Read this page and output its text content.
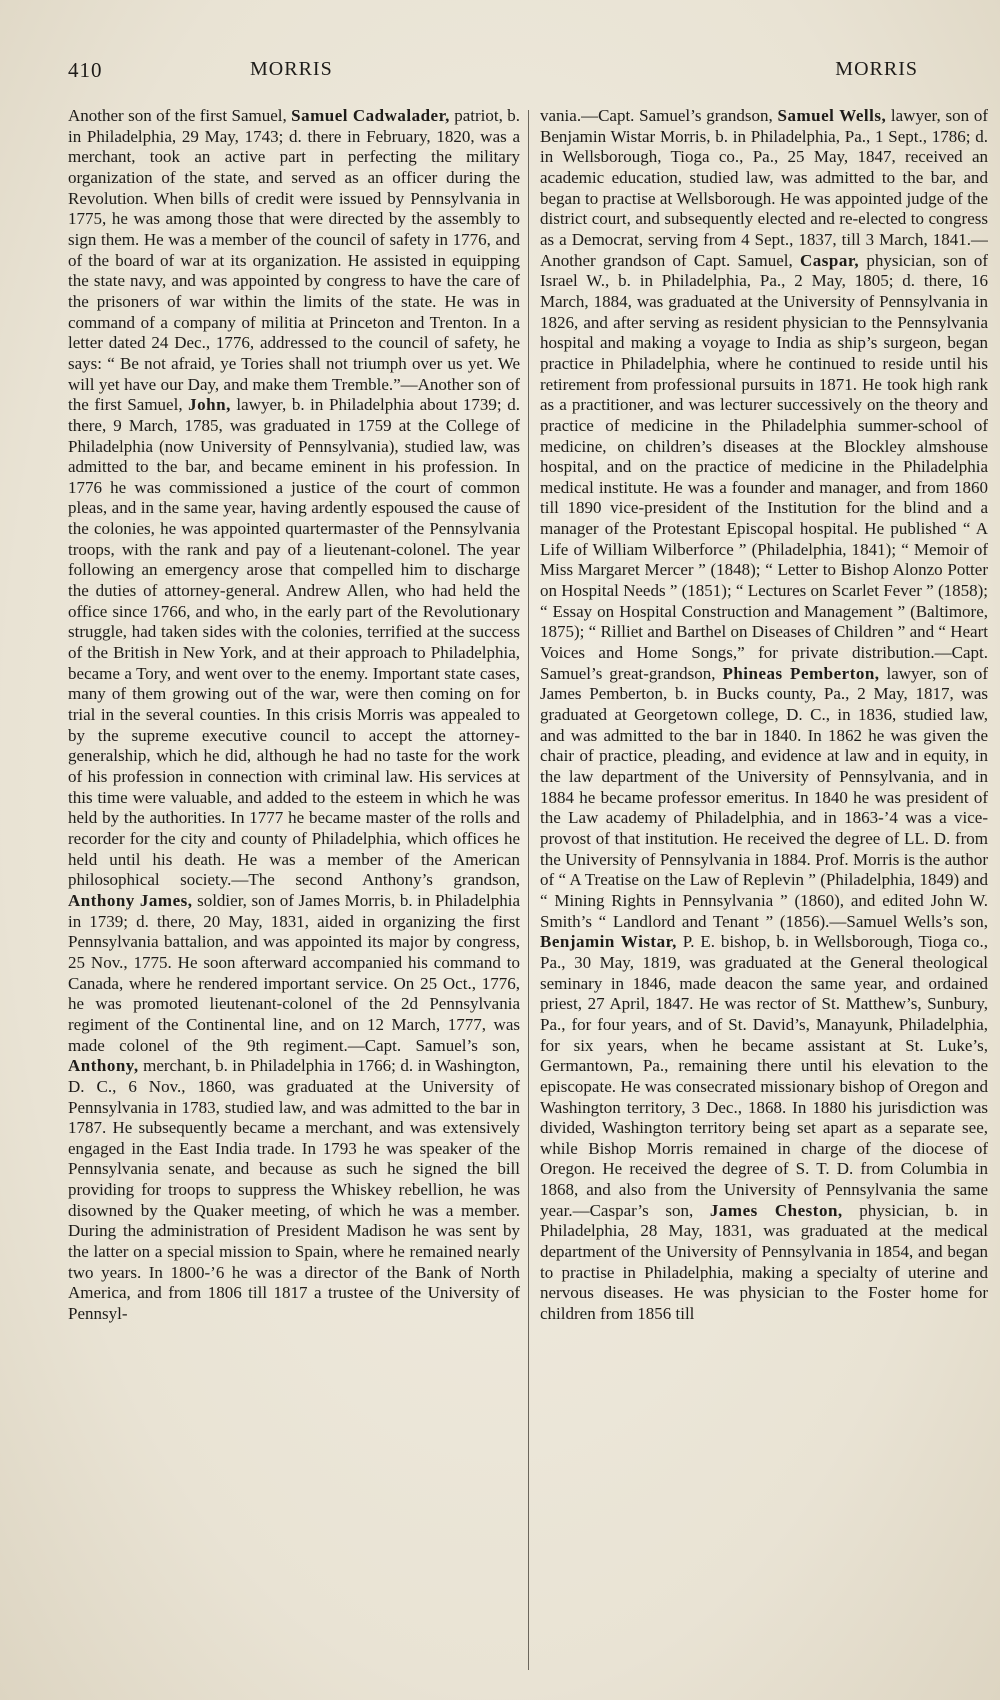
410	MORRIS	MORRIS

Another son of the first Samuel, Samuel Cadwalader, patriot, b. in Philadelphia, 29 May, 1743; d. there in February, 1820, was a merchant, took an active part in perfecting the military organization of the state, and served as an officer during the Revolution. When bills of credit were issued by Pennsylvania in 1775, he was among those that were directed by the assembly to sign them. He was a member of the council of safety in 1776, and of the board of war at its organization. He assisted in equipping the state navy, and was appointed by congress to have the care of the prisoners of war within the limits of the state. He was in command of a company of militia at Princeton and Trenton. In a letter dated 24 Dec., 1776, addressed to the council of safety, he says: “ Be not afraid, ye Tories shall not triumph over us yet. We will yet have our Day, and make them Tremble.”—Another son of the first Samuel, John, lawyer, b. in Philadelphia about 1739; d. there, 9 March, 1785, was graduated in 1759 at the College of Philadelphia (now University of Pennsylvania), studied law, was admitted to the bar, and became eminent in his profession. In 1776 he was commissioned a justice of the court of common pleas, and in the same year, having ardently espoused the cause of the colonies, he was appointed quartermaster of the Pennsylvania troops, with the rank and pay of a lieutenant-colonel. The year following an emergency arose that compelled him to discharge the duties of attorney-general. Andrew Allen, who had held the office since 1766, and who, in the early part of the Revolutionary struggle, had taken sides with the colonies, terrified at the success of the British in New York, and at their approach to Philadelphia, became a Tory, and went over to the enemy. Important state cases, many of them growing out of the war, were then coming on for trial in the several counties. In this crisis Morris was appealed to by the supreme executive council to accept the attorney-generalship, which he did, although he had no taste for the work of his profession in connection with criminal law. His services at this time were valuable, and added to the esteem in which he was held by the authorities. In 1777 he became master of the rolls and recorder for the city and county of Philadelphia, which offices he held until his death. He was a member of the American philosophical society.—The second Anthony’s grandson, Anthony James, soldier, son of James Morris, b. in Philadelphia in 1739; d. there, 20 May, 1831, aided in organizing the first Pennsylvania battalion, and was appointed its major by congress, 25 Nov., 1775. He soon afterward accompanied his command to Canada, where he rendered important service. On 25 Oct., 1776, he was promoted lieutenant-colonel of the 2d Pennsylvania regiment of the Continental line, and on 12 March, 1777, was made colonel of the 9th regiment.—Capt. Samuel’s son, Anthony, merchant, b. in Philadelphia in 1766; d. in Washington, D. C., 6 Nov., 1860, was graduated at the University of Pennsylvania in 1783, studied law, and was admitted to the bar in 1787. He subsequently became a merchant, and was extensively engaged in the East India trade. In 1793 he was speaker of the Pennsylvania senate, and because as such he signed the bill providing for troops to suppress the Whiskey rebellion, he was disowned by the Quaker meeting, of which he was a member. During the administration of President Madison he was sent by the latter on a special mission to Spain, where he remained nearly two years. In 1800-’6 he was a director of the Bank of North America, and from 1806 till 1817 a trustee of the University of Pennsyl-

vania.—Capt. Samuel’s grandson, Samuel Wells, lawyer, son of Benjamin Wistar Morris, b. in Philadelphia, Pa., 1 Sept., 1786; d. in Wellsborough, Tioga co., Pa., 25 May, 1847, received an academic education, studied law, was admitted to the bar, and began to practise at Wellsborough. He was appointed judge of the district court, and subsequently elected and re-elected to congress as a Democrat, serving from 4 Sept., 1837, till 3 March, 1841.—Another grandson of Capt. Samuel, Caspar, physician, son of Israel W., b. in Philadelphia, Pa., 2 May, 1805; d. there, 16 March, 1884, was graduated at the University of Pennsylvania in 1826, and after serving as resident physician to the Pennsylvania hospital and making a voyage to India as ship’s surgeon, began practice in Philadelphia, where he continued to reside until his retirement from professional pursuits in 1871. He took high rank as a practitioner, and was lecturer successively on the theory and practice of medicine in the Philadelphia summer-school of medicine, on children’s diseases at the Blockley almshouse hospital, and on the practice of medicine in the Philadelphia medical institute. He was a founder and manager, and from 1860 till 1890 vice-president of the Institution for the blind and a manager of the Protestant Episcopal hospital. He published “ A Life of William Wilberforce ” (Philadelphia, 1841); “ Memoir of Miss Margaret Mercer ” (1848); “ Letter to Bishop Alonzo Potter on Hospital Needs ” (1851); “ Lectures on Scarlet Fever ” (1858); “ Essay on Hospital Construction and Management ” (Baltimore, 1875); “ Rilliet and Barthel on Diseases of Children ” and “ Heart Voices and Home Songs,” for private distribution.—Capt. Samuel’s great-grandson, Phineas Pemberton, lawyer, son of James Pemberton, b. in Bucks county, Pa., 2 May, 1817, was graduated at Georgetown college, D. C., in 1836, studied law, and was admitted to the bar in 1840. In 1862 he was given the chair of practice, pleading, and evidence at law and in equity, in the law department of the University of Pennsylvania, and in 1884 he became professor emeritus. In 1840 he was president of the Law academy of Philadelphia, and in 1863-’4 was a vice-provost of that institution. He received the degree of LL. D. from the University of Pennsylvania in 1884. Prof. Morris is the author of “ A Treatise on the Law of Replevin ” (Philadelphia, 1849) and “ Mining Rights in Pennsylvania ” (1860), and edited John W. Smith’s “ Landlord and Tenant ” (1856).—Samuel Wells’s son, Benjamin Wistar, P. E. bishop, b. in Wellsborough, Tioga co., Pa., 30 May, 1819, was graduated at the General theological seminary in 1846, made deacon the same year, and ordained priest, 27 April, 1847. He was rector of St. Matthew’s, Sunbury, Pa., for four years, and of St. David’s, Manayunk, Philadelphia, for six years, when he became assistant at St. Luke’s, Germantown, Pa., remaining there until his elevation to the episcopate. He was consecrated missionary bishop of Oregon and Washington territory, 3 Dec., 1868. In 1880 his jurisdiction was divided, Washington territory being set apart as a separate see, while Bishop Morris remained in charge of the diocese of Oregon. He received the degree of S. T. D. from Columbia in 1868, and also from the University of Pennsylvania the same year.—Caspar’s son, James Cheston, physician, b. in Philadelphia, 28 May, 1831, was graduated at the medical department of the University of Pennsylvania in 1854, and began to practise in Philadelphia, making a specialty of uterine and nervous diseases. He was physician to the Foster home for children from 1856 till
